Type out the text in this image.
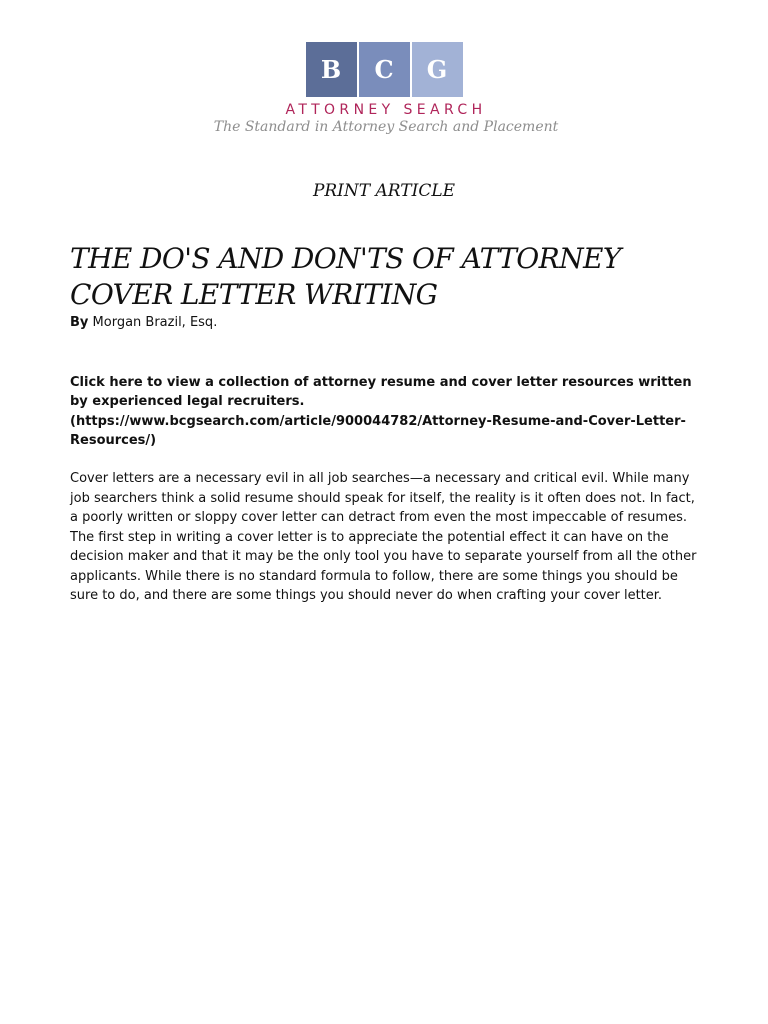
B	C	G
ATTORNEY SEARCH
The Standard in Attorney Search and Placement
PRINT ARTICLE
THE DO'S AND DON'TS OF ATTORNEY
COVER LETTER WRITING
By Morgan Brazil, Esq.
Click here to view a collection of attorney resume and cover letter resources written by experienced legal recruiters.
(https://www.bcgsearch.com/article/900044782/Attorney-Resume-and-Cover-Letter-Resources/)

Cover letters are a necessary evil in all job searches—a necessary and critical evil. While many job searchers think a solid resume should speak for itself, the reality is it often does not. In fact, a poorly written or sloppy cover letter can detract from even the most impeccable of resumes. The first step in writing a cover letter is to appreciate the potential effect it can have on the decision maker and that it may be the only tool you have to separate yourself from all the other applicants. While there is no standard formula to follow, there are some things you should be sure to do, and there are some things you should never do when crafting your cover letter.
